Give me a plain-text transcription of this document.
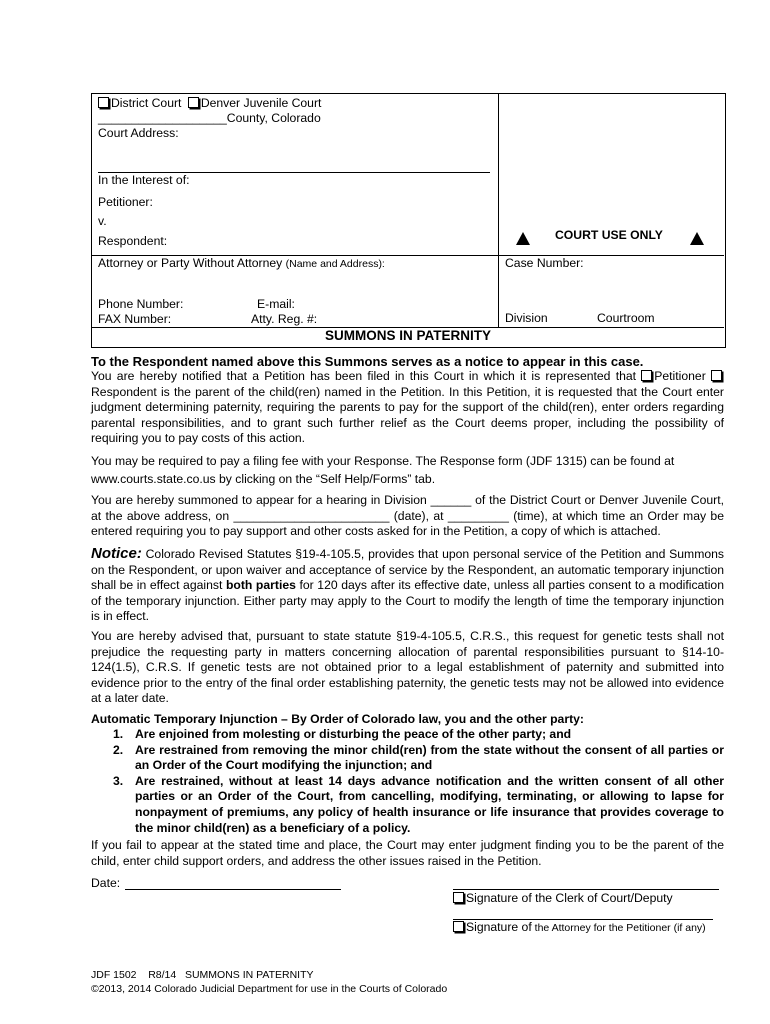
District Court Denver Juvenile Court
___________________County, Colorado
Court Address:
In the Interest of:
Petitioner:
v.
Respondent:	COURT USE ONLY
Attorney or Party Without Attorney (Name and Address):
Phone Number:	E-mail:
FAX Number:	Atty. Reg. #:
Case Number:
Division	Courtroom
SUMMONS IN PATERNITY
To the Respondent named above this Summons serves as a notice to appear in this case.
You are hereby notified that a Petition has been filed in this Court in which it is represented that Petitioner Respondent is the parent of the child(ren) named in the Petition. In this Petition, it is requested that the Court enter judgment determining paternity, requiring the parents to pay for the support of the child(ren), enter orders regarding parental responsibilities, and to grant such further relief as the Court deems proper, including the possibility of requiring you to pay costs of this action.
You may be required to pay a filing fee with your Response. The Response form (JDF 1315) can be found at
www.courts.state.co.us by clicking on the “Self Help/Forms” tab.
You are hereby summoned to appear for a hearing in Division ______ of the District Court or Denver Juvenile Court, at the above address, on _______________________ (date), at _________ (time), at which time an Order may be entered requiring you to pay support and other costs asked for in the Petition, a copy of which is attached.
Notice: Colorado Revised Statutes §19-4-105.5, provides that upon personal service of the Petition and Summons on the Respondent, or upon waiver and acceptance of service by the Respondent, an automatic temporary injunction shall be in effect against both parties for 120 days after its effective date, unless all parties consent to a modification of the temporary injunction. Either party may apply to the Court to modify the length of time the temporary injunction is in effect.
You are hereby advised that, pursuant to state statute §19-4-105.5, C.R.S., this request for genetic tests shall not prejudice the requesting party in matters concerning allocation of parental responsibilities pursuant to §14-10-124(1.5), C.R.S. If genetic tests are not obtained prior to a legal establishment of paternity and submitted into evidence prior to the entry of the final order establishing paternity, the genetic tests may not be allowed into evidence at a later date.
Automatic Temporary Injunction – By Order of Colorado law, you and the other party:
1. Are enjoined from molesting or disturbing the peace of the other party; and
2. Are restrained from removing the minor child(ren) from the state without the consent of all parties or an Order of the Court modifying the injunction; and
3. Are restrained, without at least 14 days advance notification and the written consent of all other parties or an Order of the Court, from cancelling, modifying, terminating, or allowing to lapse for nonpayment of premiums, any policy of health insurance or life insurance that provides coverage to the minor child(ren) as a beneficiary of a policy.
If you fail to appear at the stated time and place, the Court may enter judgment finding you to be the parent of the child, enter child support orders, and address the other issues raised in the Petition.
Date:
Signature of the Clerk of Court/Deputy
Signature of the Attorney for the Petitioner (if any)
JDF 1502    R8/14   SUMMONS IN PATERNITY
©2013, 2014 Colorado Judicial Department for use in the Courts of Colorado
